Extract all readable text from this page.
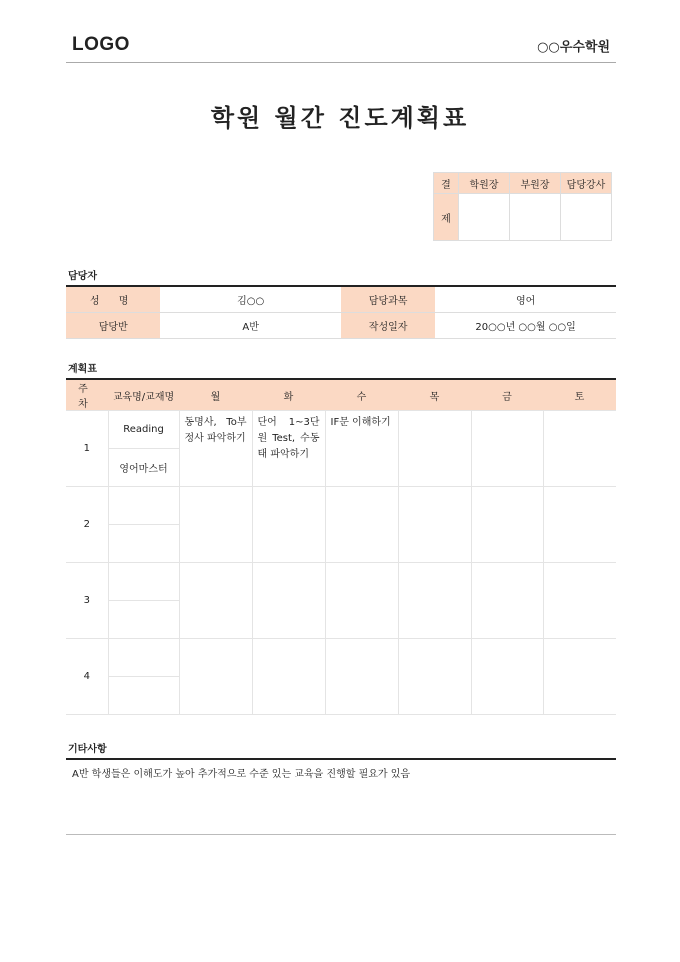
LOGO	○○우수학원
학원 월간 진도계획표
결	학원장	부원장	담당강사
제			
담당자
성 명	김○○	담당과목	영어
담당반	A반	작성일자	20○○년 ○○월 ○○일
계획표
주 차	교육명/교재명	월	화	수	목	금	토
1	Reading	동명사, To부정사 파악하기	단어 1~3단원 Test, 수동태 파악하기	IF문 이해하기			
	영어마스터						
2							

3							

4							

기타사항

A반 학생들은 이해도가 높아 추가적으로 수준 있는 교육을 진행할 필요가 있음
